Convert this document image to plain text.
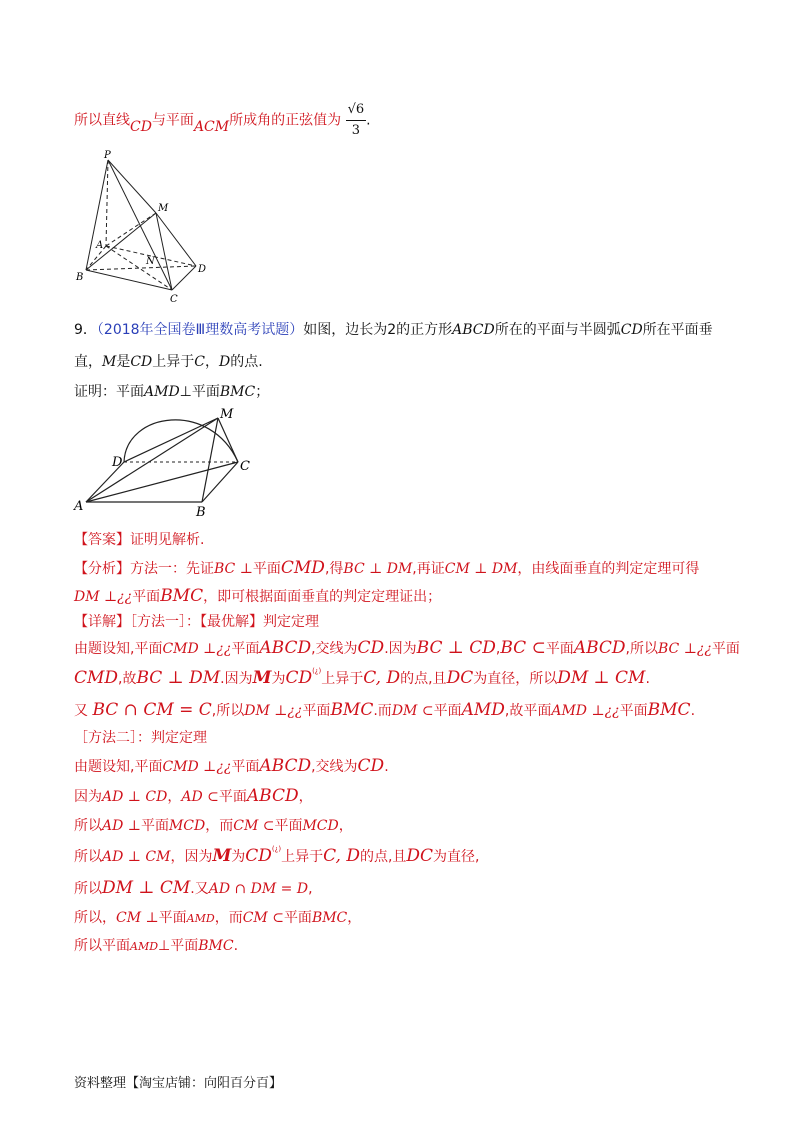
所以直线CD与平面ACM所成角的正弦值为 $\frac{√6}{3}$ .
P
M
A
N
D
B
C
9．（2018年全国卷Ⅲ理数高考试题）如图，边长为2的正方形ABCD所在的平面与半圆弧CD所在平面垂
直，M是CD上异于C，D的点.
证明：平面AMD⊥平面BMC；
M
D	C
A	B
【答案】证明见解析.
【分析】方法一：先证BC ⊥平面CMD,得BC ⊥ DM,再证CM ⊥ DM，由线面垂直的判定定理可得
DM ⊥¿¿平面BMC，即可根据面面垂直的判定定理证出；
【详解】［方法一］：【最优解】判定定理
由题设知,平面CMD ⊥¿¿平面ABCD,交线为CD.因为BC ⊥ CD,BC ⊂平面ABCD,所以BC ⊥¿¿平面
CMD,故BC ⊥ DM.因为M为CD(¿)上异于C, D的点,且DC为直径，所以DM ⊥ CM.
又 BC ∩ CM = C,所以DM ⊥¿¿平面BMC.而DM ⊂平面AMD,故平面AMD ⊥¿¿平面BMC.
［方法二］：判定定理
由题设知,平面CMD ⊥¿¿平面ABCD,交线为CD.
因为AD ⊥ CD，AD ⊂平面ABCD，
所以AD ⊥平面MCD，而CM ⊂平面MCD，
所以AD ⊥ CM，因为M为CD(¿)上异于C, D的点,且DC为直径,
所以DM ⊥ CM.又AD ∩ DM = D,
所以，CM ⊥平面AMD，而CM ⊂平面BMC，
所以平面AMD⊥平面BMC.
资料整理【淘宝店铺：向阳百分百】
